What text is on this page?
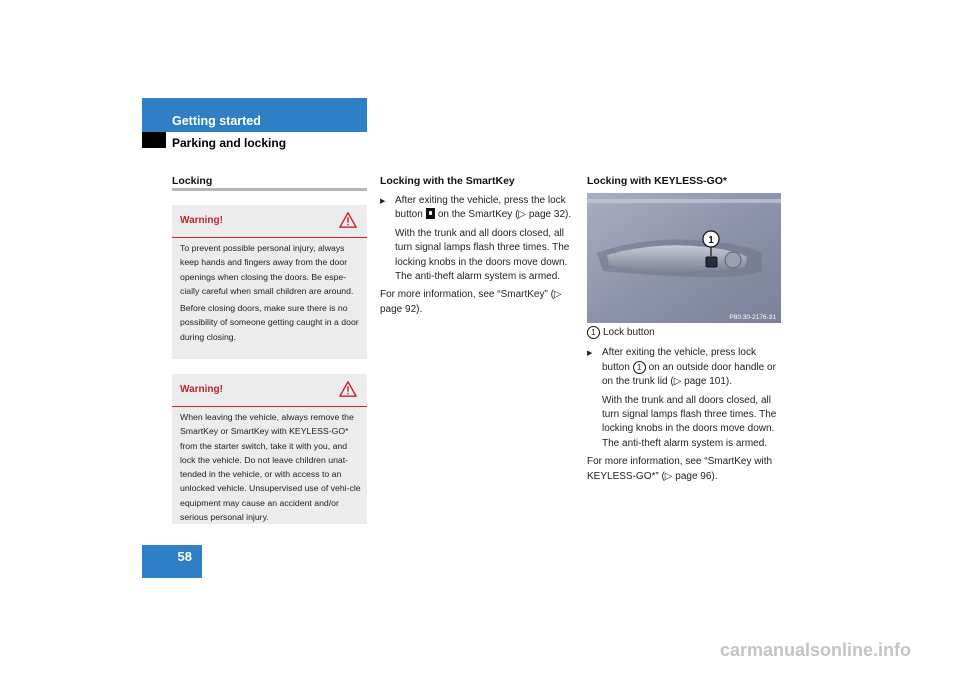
Getting started
Parking and locking
Locking
Warning!

To prevent possible personal injury, always keep hands and fingers away from the door openings when closing the doors. Be espe-cially careful when small children are around.

Before closing doors, make sure there is no possibility of someone getting caught in a door during closing.

Warning!

When leaving the vehicle, always remove the SmartKey or SmartKey with KEYLESS-GO* from the starter switch, take it with you, and lock the vehicle. Do not leave children unat-tended in the vehicle, or with access to an unlocked vehicle. Unsupervised use of vehi-cle equipment may cause an accident and/or serious personal injury.

Locking with the SmartKey

▶ After exiting the vehicle, press the lock button on the SmartKey (▷ page 32).

With the trunk and all doors closed, all turn signal lamps flash three times. The locking knobs in the doors move down. The anti-theft alarm system is armed.

For more information, see “SmartKey” (▷ page 92).

Locking with KEYLESS-GO*
1
P80.30-2176-31

1 Lock button

▶ After exiting the vehicle, press lock button 1 on an outside door handle or on the trunk lid (▷ page 101).

With the trunk and all doors closed, all turn signal lamps flash three times. The locking knobs in the doors move down. The anti-theft alarm system is armed.

For more information, see “SmartKey with KEYLESS-GO*” (▷ page 96).

58
carmanualsonline.info
